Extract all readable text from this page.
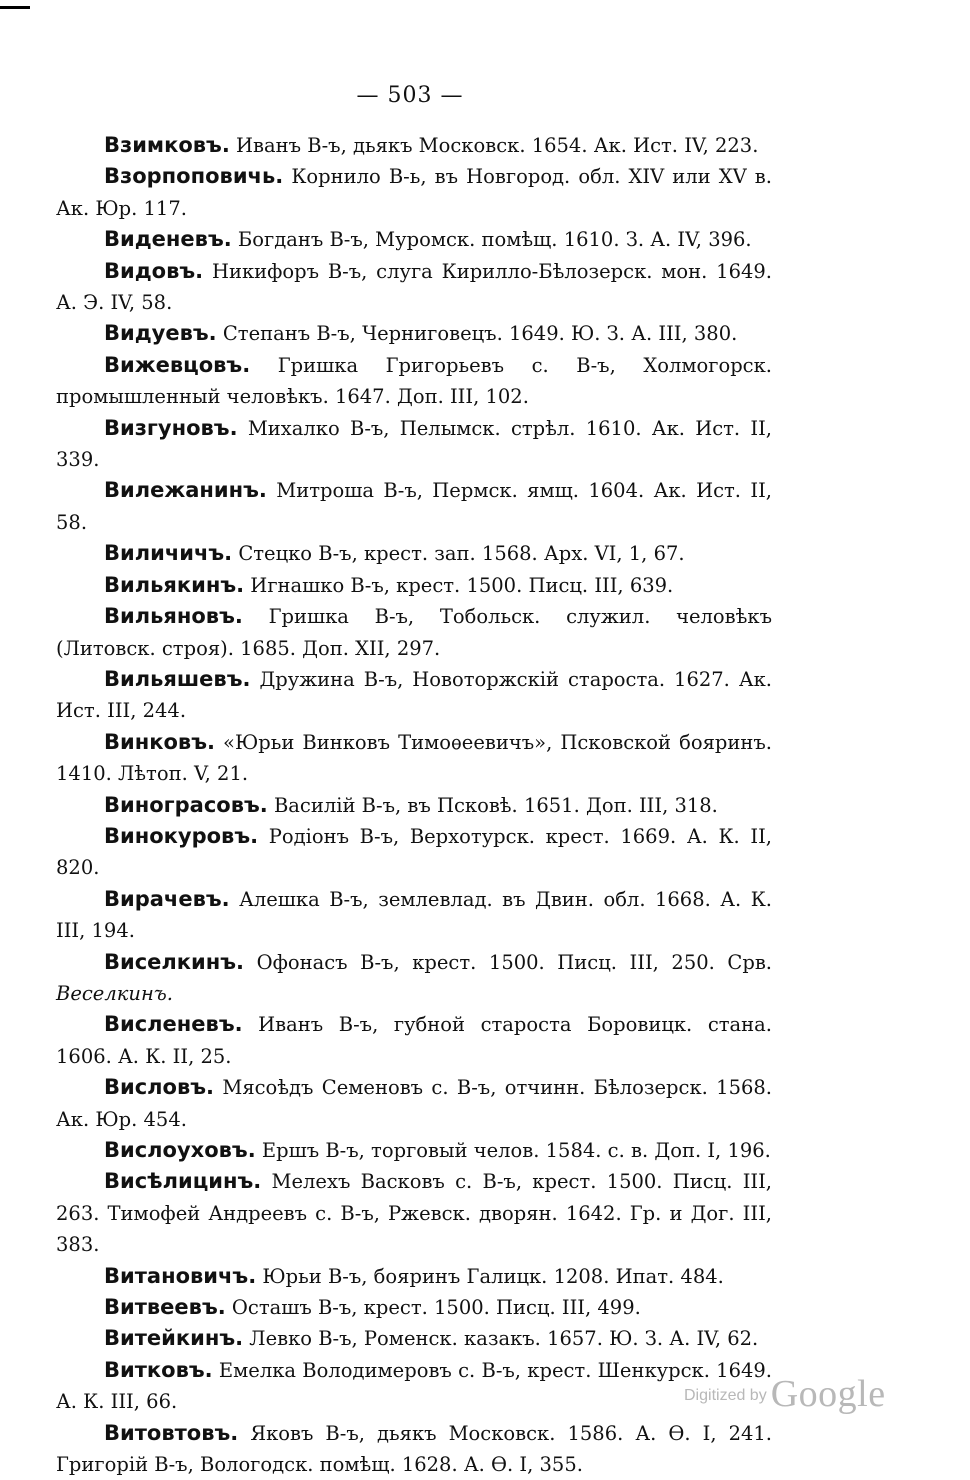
— 503 —

Взимковъ. Иванъ В-ъ, дьякъ Московск. 1654. Ак. Ист. IV, 223.

Взорпоповичь. Корнило В-ь, въ Новгород. обл. XIV или XV в. Ак. Юр. 117.

Виденевъ. Богданъ В-ъ, Муромск. помѣщ. 1610. З. А. IV, 396.

Видовъ. Никифоръ В-ъ, слуга Кирилло-Бѣлозерск. мон. 1649. А. Э. IV, 58.

Видуевъ. Степанъ В-ъ, Черниговецъ. 1649. Ю. З. А. III, 380.

Вижевцовъ. Гришка Григорьевъ с. В-ъ, Холмогорск. промышленный человѣкъ. 1647. Доп. III, 102.

Визгуновъ. Михалко В-ъ, Пелымск. стрѣл. 1610. Ак. Ист. II, 339.

Вилежанинъ. Митроша В-ъ, Пермск. ямщ. 1604. Ак. Ист. II, 58.

Виличичъ. Стецко В-ъ, крест. зап. 1568. Арх. VI, 1, 67.

Вильякинъ. Игнашко В-ъ, крест. 1500. Писц. III, 639.

Вильяновъ. Гришка В-ъ, Тобольск. служил. человѣкъ (Литовск. строя). 1685. Доп. XII, 297.

Вильяшевъ. Дружина В-ъ, Новоторжскій староста. 1627. Ак. Ист. III, 244.

Винковъ. «Юрьи Винковъ Тимоѳеевичъ», Псковской бояринъ. 1410. Лѣтоп. V, 21.

Винограсовъ. Василій В-ъ, въ Псковѣ. 1651. Доп. III, 318.

Винокуровъ. Родіонъ В-ъ, Верхотурск. крест. 1669. А. К. II, 820.

Вирачевъ. Алешка В-ъ, землевлад. въ Двин. обл. 1668. А. К. III, 194.

Виселкинъ. Офонасъ В-ъ, крест. 1500. Писц. III, 250. Срв. Веселкинъ.

Висленевъ. Иванъ В-ъ, губной староста Боровицк. стана. 1606. А. К. II, 25.

Висловъ. Мясоѣдъ Семеновъ с. В-ъ, отчинн. Бѣлозерск. 1568. Ак. Юр. 454.

Вислоуховъ. Ершъ В-ъ, торговый челов. 1584. с. в. Доп. I, 196.

Висѣлицинъ. Мелехъ Васковъ с. В-ъ, крест. 1500. Писц. III, 263. Тимофей Андреевъ с. В-ъ, Ржевск. дворян. 1642. Гр. и Дог. III, 383.

Витановичъ. Юрьи В-ъ, бояринъ Галицк. 1208. Ипат. 484.

Витвеевъ. Осташъ В-ъ, крест. 1500. Писц. III, 499.

Витейкинъ. Левко В-ъ, Роменск. казакъ. 1657. Ю. З. А. IV, 62.

Витковъ. Емелка Володимеровъ с. В-ъ, крест. Шенкурск. 1649. А. К. III, 66.

Витовтовъ. Яковъ В-ъ, дьякъ Московск. 1586. А. Ѳ. I, 241. Григорій В-ъ, Вологодск. помѣщ. 1628. А. Ѳ. I, 355.

Digitized by Google
